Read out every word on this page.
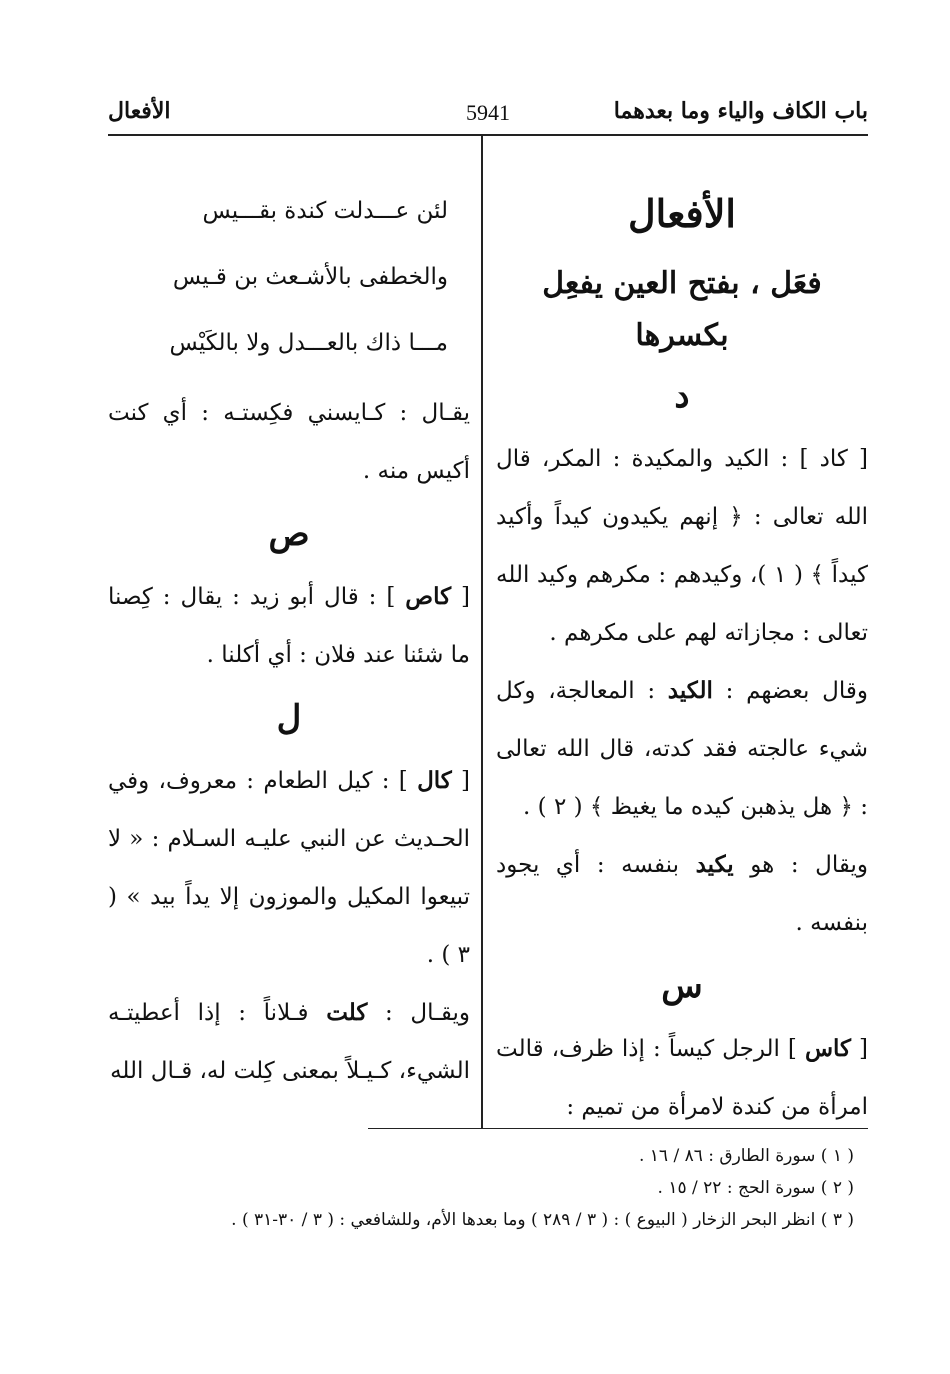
باب الكاف والياء وما بعدهما
5941
الأفعال
الأفعال
فعَل ، بفتح العين يفعِل بكسرها
د

[ كاد ] : الكيد والمكيدة : المكر، قال الله تعالى : ﴿ إنهم يكيدون كيداً وأكيد كيداً ﴾ ( ١ )، وكيدهم : مكرهم وكيد الله تعالى : مجازاته لهم على مكرهم .

وقال بعضهم : الكيد : المعالجة، وكل شيء عالجته فقد كدته، قال الله تعالى : ﴿ هل يذهبن كيده ما يغيظ ﴾ ( ٢ ) .

ويقال : هو يكيد بنفسه : أي يجود بنفسه .

س

[ كاس ] الرجل كيساً : إذا ظرف، قالت امرأة من كندة لامرأة من تميم :

لئن عـــدلت كندة بقـــيس

والخطفى بالأشـعث بن قـيس

مـــا ذاك بالعـــدل ولا بالكَيْس

يقـال : كـايسني فكِستـه : أي كنت أكيس منه .

ص

[ كاص ] : قال أبو زيد : يقال : كِصنا ما شئنا عند فلان : أي أكلنا .

ل

[ كال ] : كيل الطعام : معروف، وفي الحـديث عن النبي عليـه السـلام : « لا تبيعوا المكيل والموزون إلا يداً بيد » ( ٣ ) .

ويقـال : كلت فـلاناً : إذا أعطيتـه الشيء، كـيـلاً بمعنى كِلت له، قـال الله

( ١ ) سورة الطارق : ٨٦ / ١٦ .

( ٢ ) سورة الحج : ٢٢ / ١٥ .

( ٣ ) انظر البحر الزخار ( البيوع ) : ( ٣ / ٢٨٩ ) وما بعدها الأم، وللشافعي : ( ٣ / ٣٠-٣١ ) .
